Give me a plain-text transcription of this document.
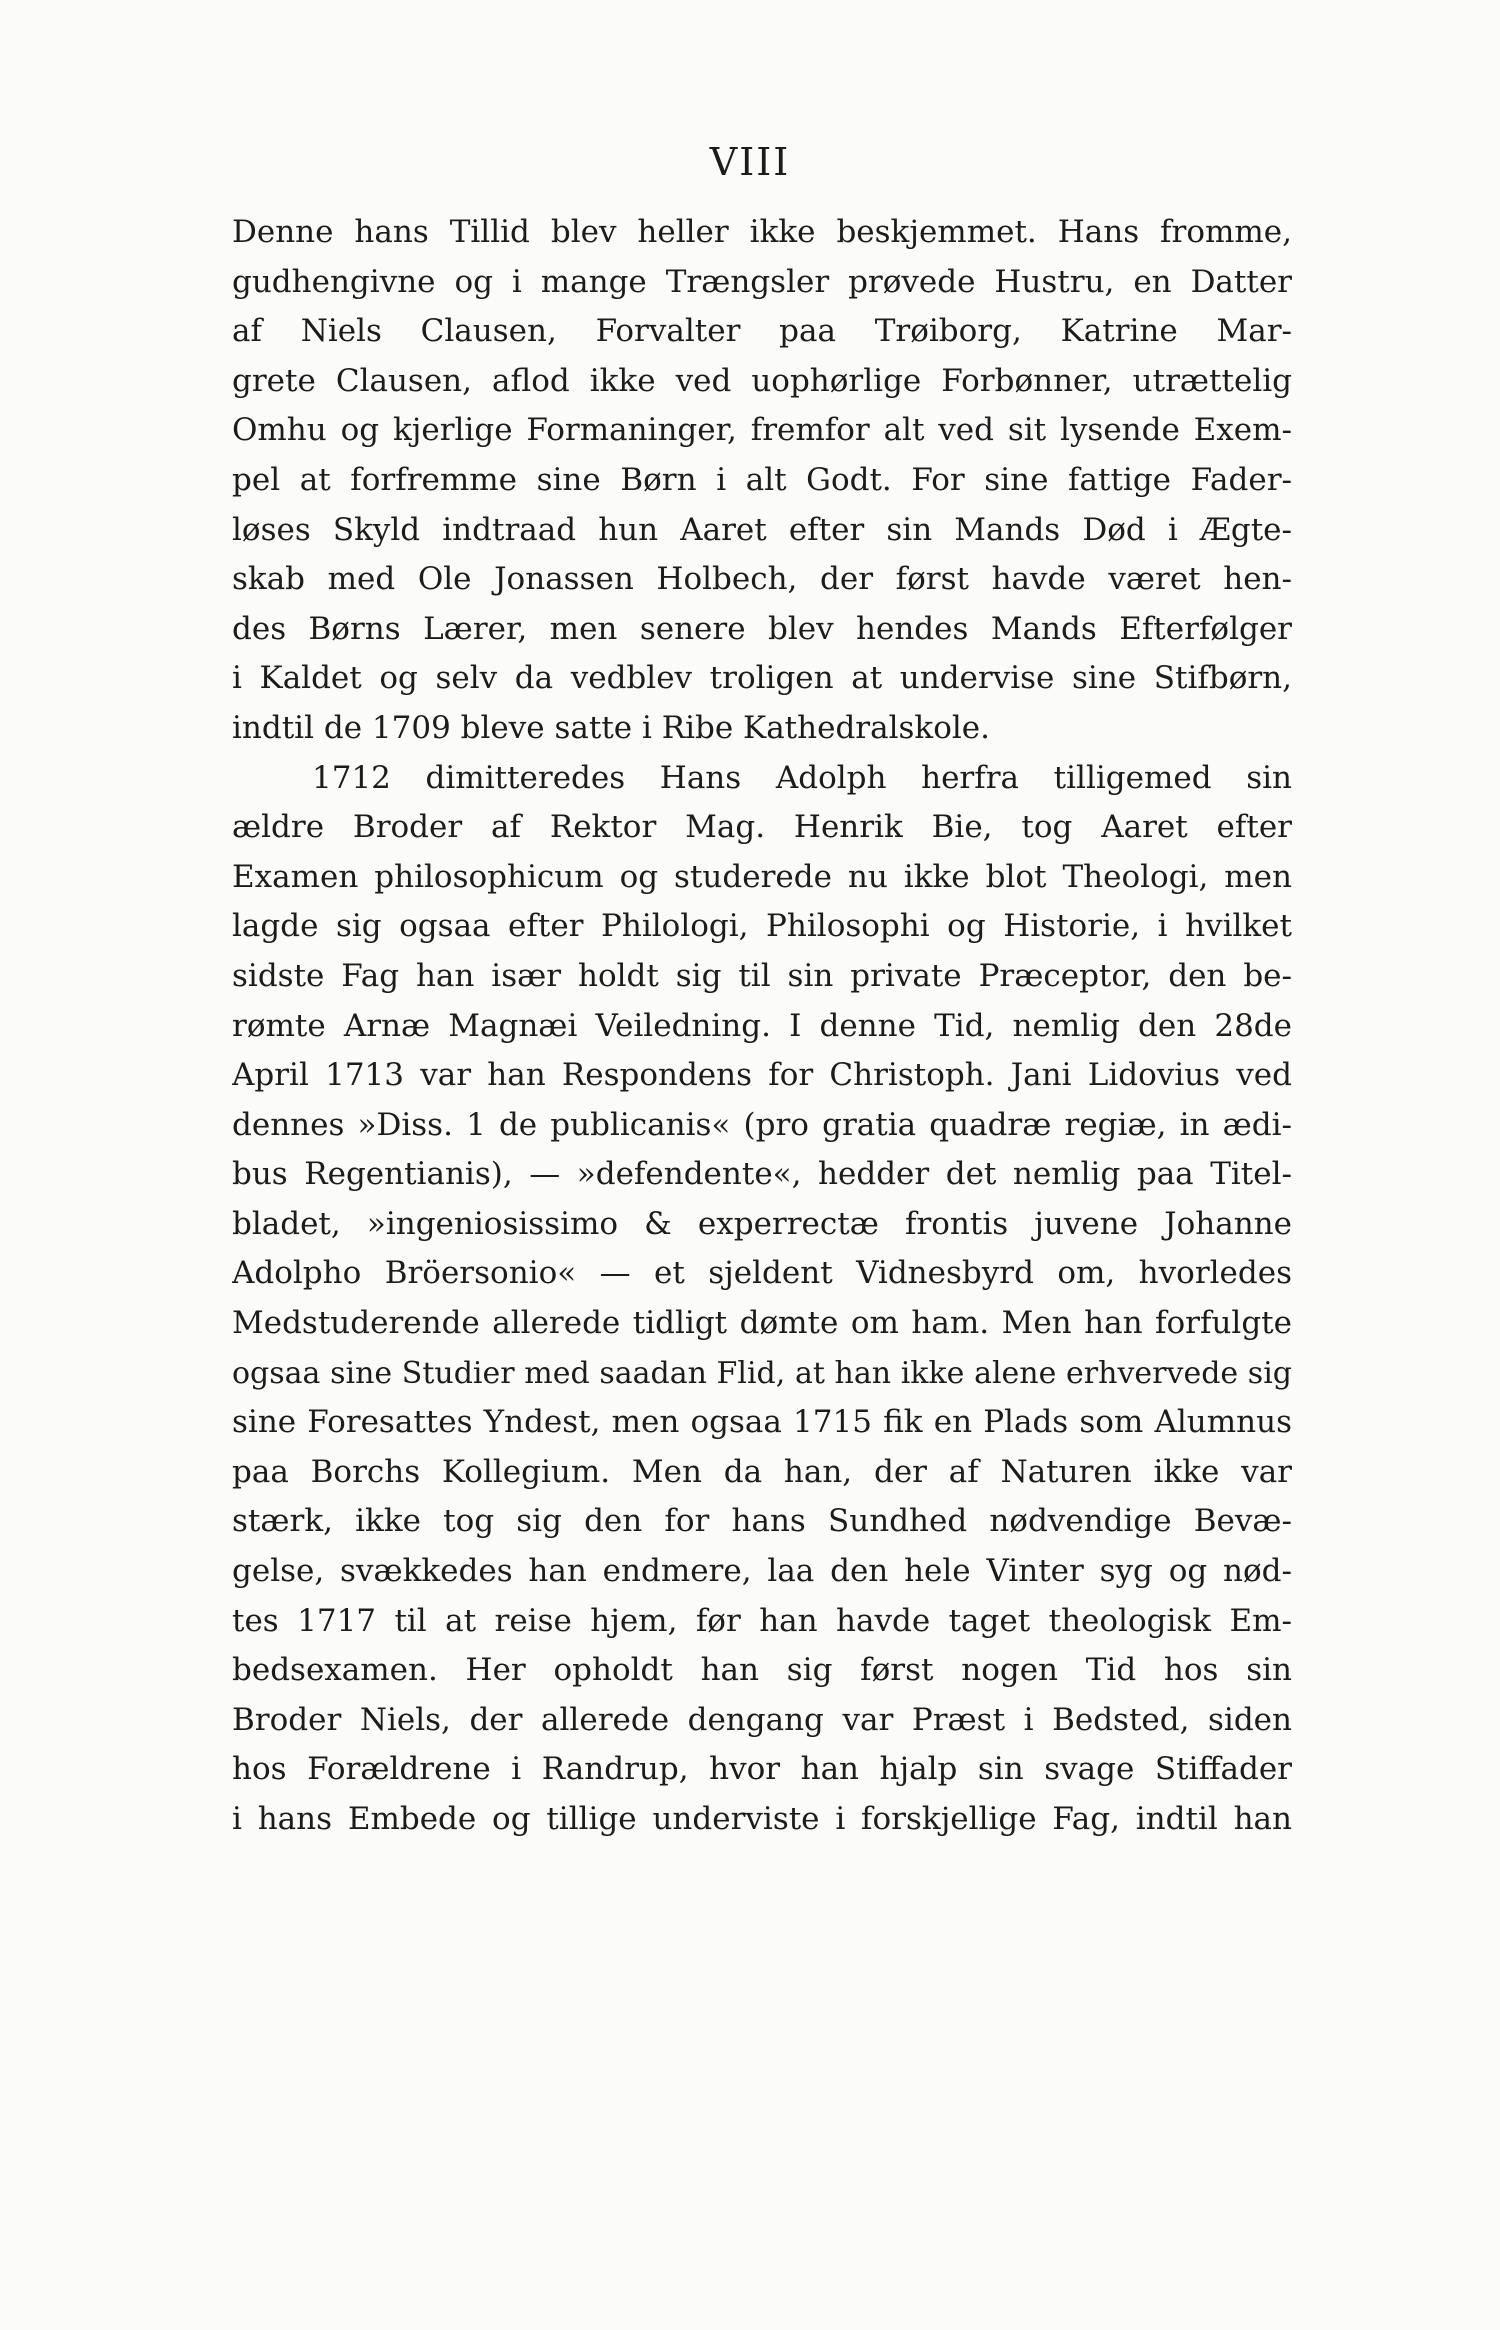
VIII
Denne hans Tillid blev heller ikke beskjemmet. Hans fromme,
gudhengivne og i mange Trængsler prøvede Hustru, en Datter
af Niels Clausen, Forvalter paa Trøiborg, Katrine Mar-
grete Clausen, aflod ikke ved uophørlige Forbønner, utrættelig
Omhu og kjerlige Formaninger, fremfor alt ved sit lysende Exem-
pel at forfremme sine Børn i alt Godt. For sine fattige Fader-
løses Skyld indtraad hun Aaret efter sin Mands Død i Ægte-
skab med Ole Jonassen Holbech, der først havde været hen-
des Børns Lærer, men senere blev hendes Mands Efterfølger
i Kaldet og selv da vedblev troligen at undervise sine Stifbørn,
indtil de 1709 bleve satte i Ribe Kathedralskole.
1712 dimitteredes Hans Adolph herfra tilligemed sin
ældre Broder af Rektor Mag. Henrik Bie, tog Aaret efter
Examen philosophicum og studerede nu ikke blot Theologi, men
lagde sig ogsaa efter Philologi, Philosophi og Historie, i hvilket
sidste Fag han især holdt sig til sin private Præceptor, den be-
rømte Arnæ Magnæi Veiledning. I denne Tid, nemlig den 28de
April 1713 var han Respondens for Christoph. Jani Lidovius ved
dennes »Diss. 1 de publicanis« (pro gratia quadræ regiæ, in ædi-
bus Regentianis), — »defendente«, hedder det nemlig paa Titel-
bladet, »ingeniosissimo & experrectæ frontis juvene Johanne
Adolpho Bröersonio« — et sjeldent Vidnesbyrd om, hvorledes
Medstuderende allerede tidligt dømte om ham. Men han forfulgte
ogsaa sine Studier med saadan Flid, at han ikke alene erhvervede sig
sine Foresattes Yndest, men ogsaa 1715 fik en Plads som Alumnus
paa Borchs Kollegium. Men da han, der af Naturen ikke var
stærk, ikke tog sig den for hans Sundhed nødvendige Bevæ-
gelse, svækkedes han endmere, laa den hele Vinter syg og nød-
tes 1717 til at reise hjem, før han havde taget theologisk Em-
bedsexamen. Her opholdt han sig først nogen Tid hos sin
Broder Niels, der allerede dengang var Præst i Bedsted, siden
hos Forældrene i Randrup, hvor han hjalp sin svage Stiffader
i hans Embede og tillige underviste i forskjellige Fag, indtil han
